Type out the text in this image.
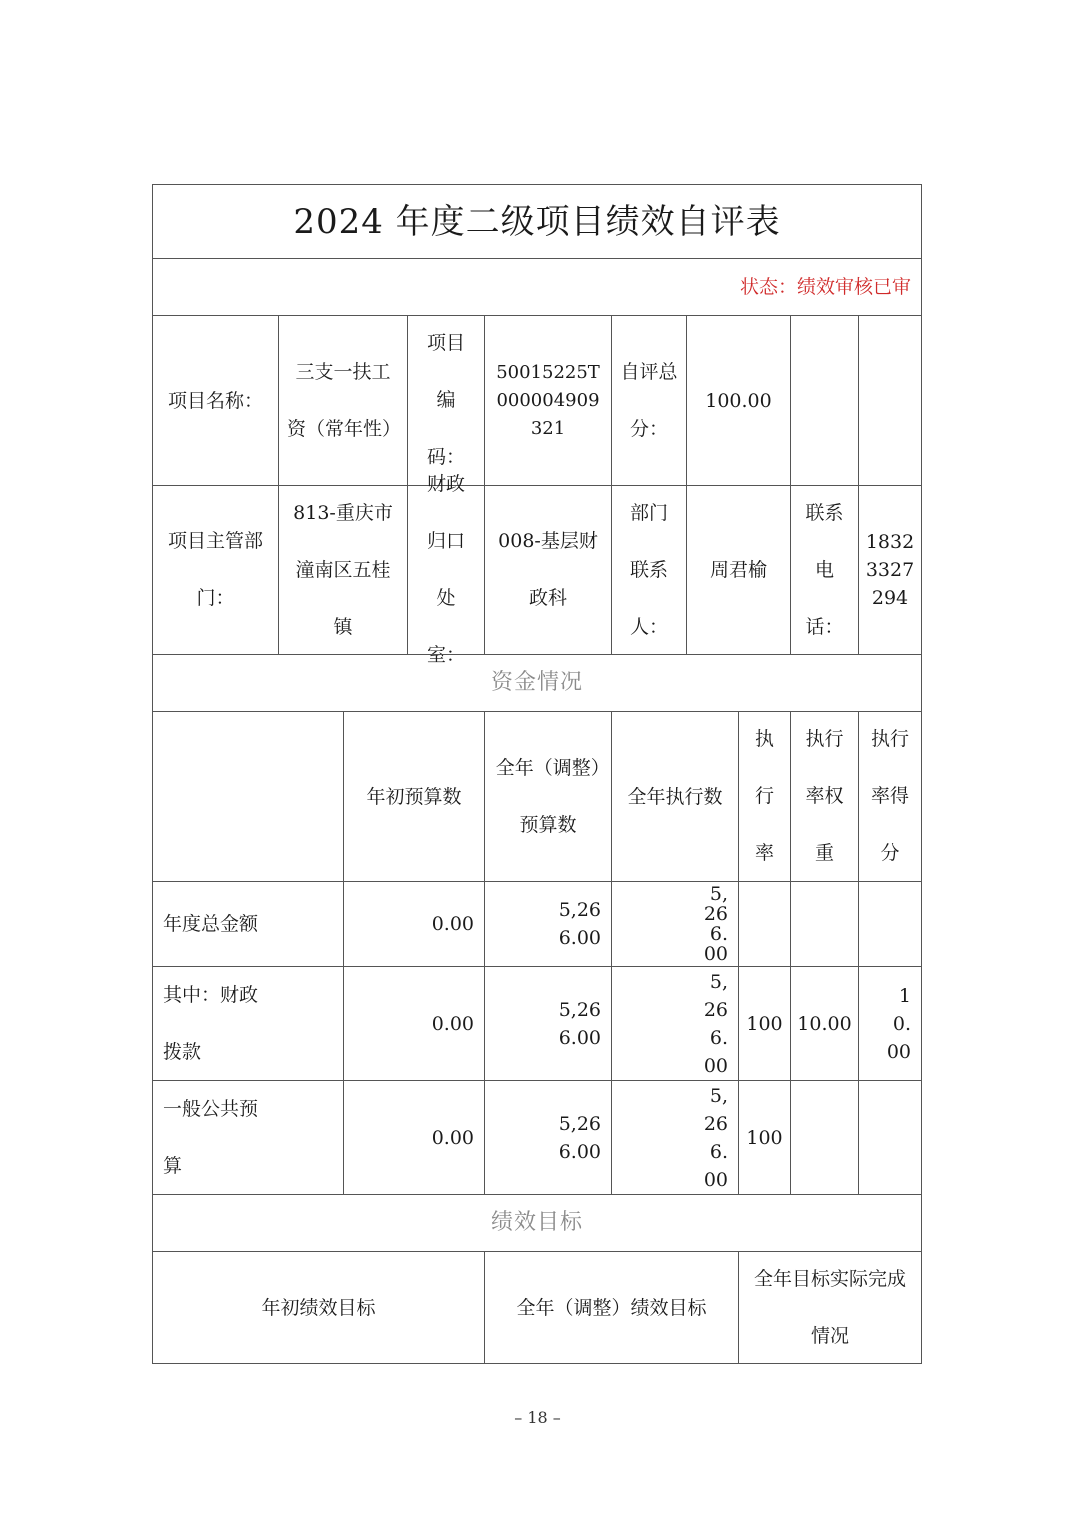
2024 年度二级项目绩效自评表
状态：绩效审核已审
项目名称：
三支一扶工资（常年性）
项目编码：
50015225T000004909321
自评总分：
100.00
项目主管部门：
813-重庆市潼南区五桂镇
财政归口处室：
008-基层财政科
部门联系人：
周君榆
联系电话：
18323327294
资金情况
年初预算数
全年（调整）预算数
全年执行数
执行率
执行率权重
执行率得分
年度总金额	0.00
5,266.00
5,266.00
其中：财政拨款
0.00
5,266.00
5,266.00
100 10.00
10.00
一般公共预算
0.00
5,266.00
5,266.00
100
绩效目标
年初绩效目标	全年（调整）绩效目标
全年目标实际完成情况
– 18 –
